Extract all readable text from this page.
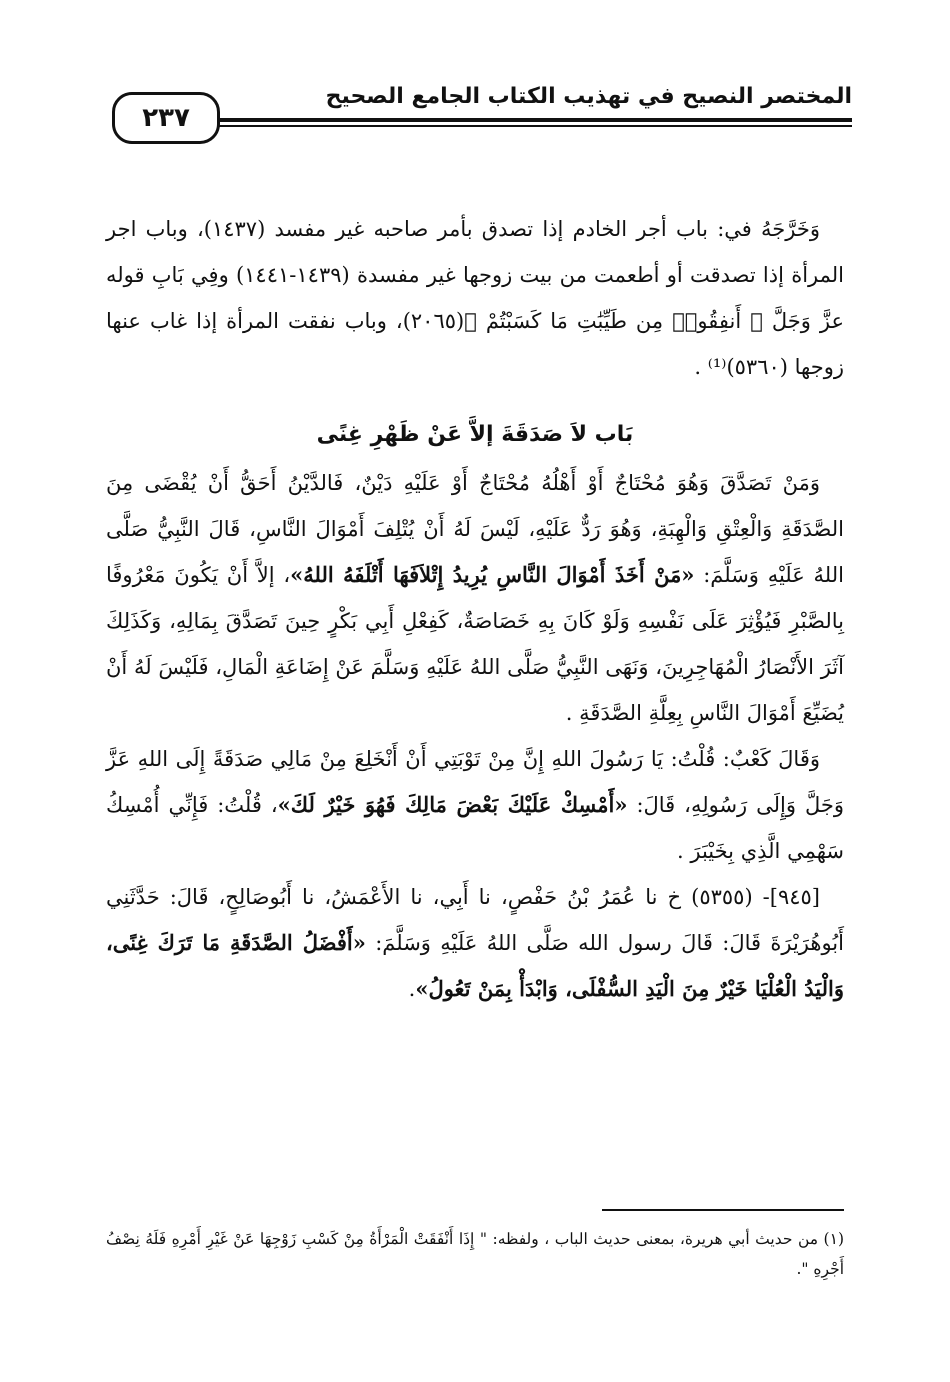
المختصر النصيح في تهذيب الكتاب الجامع الصحيح
٢٣٧

وَخَرَّجَهُ في: باب أجر الخادم إذا تصدق بأمر صاحبه غير مفسد (١٤٣٧)، وباب اجر المرأة إذا تصدقت أو أطعمت من بيت زوجها غير مفسدة (١٤٣٩-١٤٤١) وفِي بَابِ قوله عزَّ وَجَلَّ ﴿ أَنفِقُوا۟ مِن طَيِّبَٰتِ مَا كَسَبْتُمْ ﴾(٢٠٦٥)، وباب نفقت المرأة إذا غاب عنها زوجها (٥٣٦٠)⁽¹⁾ .

بَاب لاَ صَدَقَةَ إلاَّ عَنْ ظَهْرِ غِنًى

وَمَنْ تَصَدَّقَ وَهُوَ مُحْتَاجٌ أَوْ أَهْلُهُ مُحْتَاجٌ أَوْ عَلَيْهِ دَيْنٌ، فَالدَّيْنُ أَحَقُّ أَنْ يُقْضَى مِنَ الصَّدَقَةِ وَالْعِتْقِ وَالْهِبَةِ، وَهُوَ رَدٌّ عَلَيْهِ، لَيْسَ لَهُ أَنْ يُتْلِفَ أَمْوَالَ النَّاسِ، قَالَ النَّبِيُّ صَلَّى اللهُ عَلَيْهِ وَسَلَّمَ: «مَنْ أَخَذَ أَمْوَالَ النَّاسِ يُرِيدُ إِتْلاَفَهَا أَتْلَفَهُ اللهُ»، إلاَّ أَنْ يَكُونَ مَعْرُوفًا بِالصَّبْرِ فَيُؤْثِرَ عَلَى نَفْسِهِ وَلَوْ كَانَ بِهِ خَصَاصَةٌ، كَفِعْلِ أَبِي بَكْرٍ حِينَ تَصَدَّقَ بِمَالِهِ، وَكَذَلِكَ آثَرَ الأَنْصَارُ الْمُهَاجِرِينَ، وَنَهَى النَّبِيُّ صَلَّى اللهُ عَلَيْهِ وَسَلَّمَ عَنْ إِضَاعَةِ الْمَالِ، فَلَيْسَ لَهُ أَنْ يُضَيِّعَ أَمْوَالَ النَّاسِ بِعِلَّةِ الصَّدَقَةِ .

وَقَالَ كَعْبٌ: قُلْتُ: يَا رَسُولَ اللهِ إِنَّ مِنْ تَوْبَتِي أَنْ أَنْخَلِعَ مِنْ مَالِي صَدَقَةً إِلَى اللهِ عَزَّ وَجَلَّ وَإِلَى رَسُولِهِ، قَالَ: «أَمْسِكْ عَلَيْكَ بَعْضَ مَالِكَ فَهُوَ خَيْرٌ لَكَ»، قُلْتُ: فَإِنِّي أُمْسِكُ سَهْمِي الَّذِي بِخَيْبَرَ .

[٩٤٥]- (٥٣٥٥) خ نا عُمَرُ بْنُ حَفْصٍ، نا أَبِي، نا الأَعْمَشُ، نا أَبُوصَالِحٍ، قَالَ: حَدَّثَنِي أَبُوهُرَيْرَةَ قَالَ: قَالَ رسول الله صَلَّى اللهُ عَلَيْهِ وَسَلَّمَ: «أَفْضَلُ الصَّدَقَةِ مَا تَرَكَ غِنًى، وَالْيَدُ الْعُلْيَا خَيْرٌ مِنَ الْيَدِ السُّفْلَى، وَابْدَأْ بِمَنْ تَعُولُ».

(١) من حديث أبي هريرة، بمعنى حديث الباب ، ولفظه: " إِذَا أَنْفَقَتْ الْمَرْأَةُ مِنْ كَسْبِ زَوْجِهَا عَنْ غَيْرِ أَمْرِهِ فَلَهُ نِصْفُ أَجْرِهِ ".
